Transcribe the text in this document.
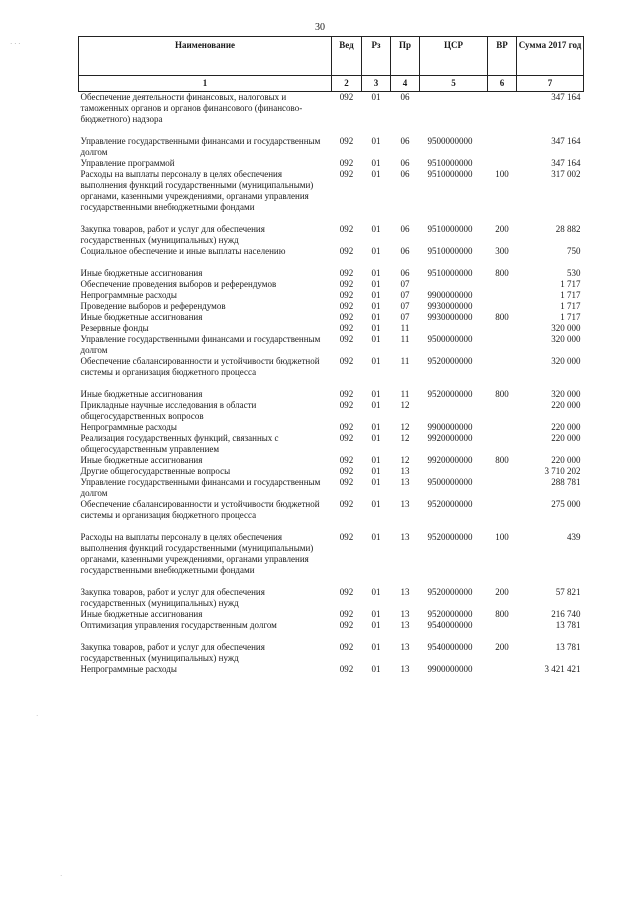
30
Наименование	Вед	Рз	Пр	ЦСР	ВР	Сумма 2017 год
1	2	3	4	5	6	7
Обеспечение деятельности финансовых, налоговых и таможенных органов и органов финансового (финансово-бюджетного) надзора	092	01	06			347 164
Управление государственными финансами и государственным долгом	092	01	06	9500000000		347 164
Управление программой	092	01	06	9510000000		347 164
Расходы на выплаты персоналу в целях обеспечения выполнения функций государственными (муниципальными) органами, казенными учреждениями, органами управления государственными внебюджетными фондами	092	01	06	9510000000	100	317 002
Закупка товаров, работ и услуг для обеспечения государственных (муниципальных) нужд	092	01	06	9510000000	200	28 882
Социальное обеспечение и иные выплаты населению	092	01	06	9510000000	300	750
Иные бюджетные ассигнования	092	01	06	9510000000	800	530
Обеспечение проведения выборов и референдумов	092	01	07			1 717
Непрограммные расходы	092	01	07	9900000000		1 717
Проведение выборов и референдумов	092	01	07	9930000000		1 717
Иные бюджетные ассигнования	092	01	07	9930000000	800	1 717
Резервные фонды	092	01	11			320 000
Управление государственными финансами и государственным долгом	092	01	11	9500000000		320 000
Обеспечение сбалансированности и устойчивости бюджетной системы и организация бюджетного процесса	092	01	11	9520000000		320 000
Иные бюджетные ассигнования	092	01	11	9520000000	800	320 000
Прикладные научные исследования в области общегосударственных вопросов	092	01	12			220 000
Непрограммные расходы	092	01	12	9900000000		220 000
Реализация государственных функций, связанных с общегосударственным управлением	092	01	12	9920000000		220 000
Иные бюджетные ассигнования	092	01	12	9920000000	800	220 000
Другие общегосударственные вопросы	092	01	13			3 710 202
Управление государственными финансами и государственным долгом	092	01	13	9500000000		288 781
Обеспечение сбалансированности и устойчивости бюджетной системы и организация бюджетного процесса	092	01	13	9520000000		275 000
Расходы на выплаты персоналу в целях обеспечения выполнения функций государственными (муниципальными) органами, казенными учреждениями, органами управления государственными внебюджетными фондами	092	01	13	9520000000	100	439
Закупка товаров, работ и услуг для обеспечения государственных (муниципальных) нужд	092	01	13	9520000000	200	57 821
Иные бюджетные ассигнования	092	01	13	9520000000	800	216 740
Оптимизация управления государственным долгом	092	01	13	9540000000		13 781
Закупка товаров, работ и услуг для обеспечения государственных (муниципальных) нужд	092	01	13	9540000000	200	13 781
Непрограммные расходы	092	01	13	9900000000		3 421 421
· · ·
·
·
